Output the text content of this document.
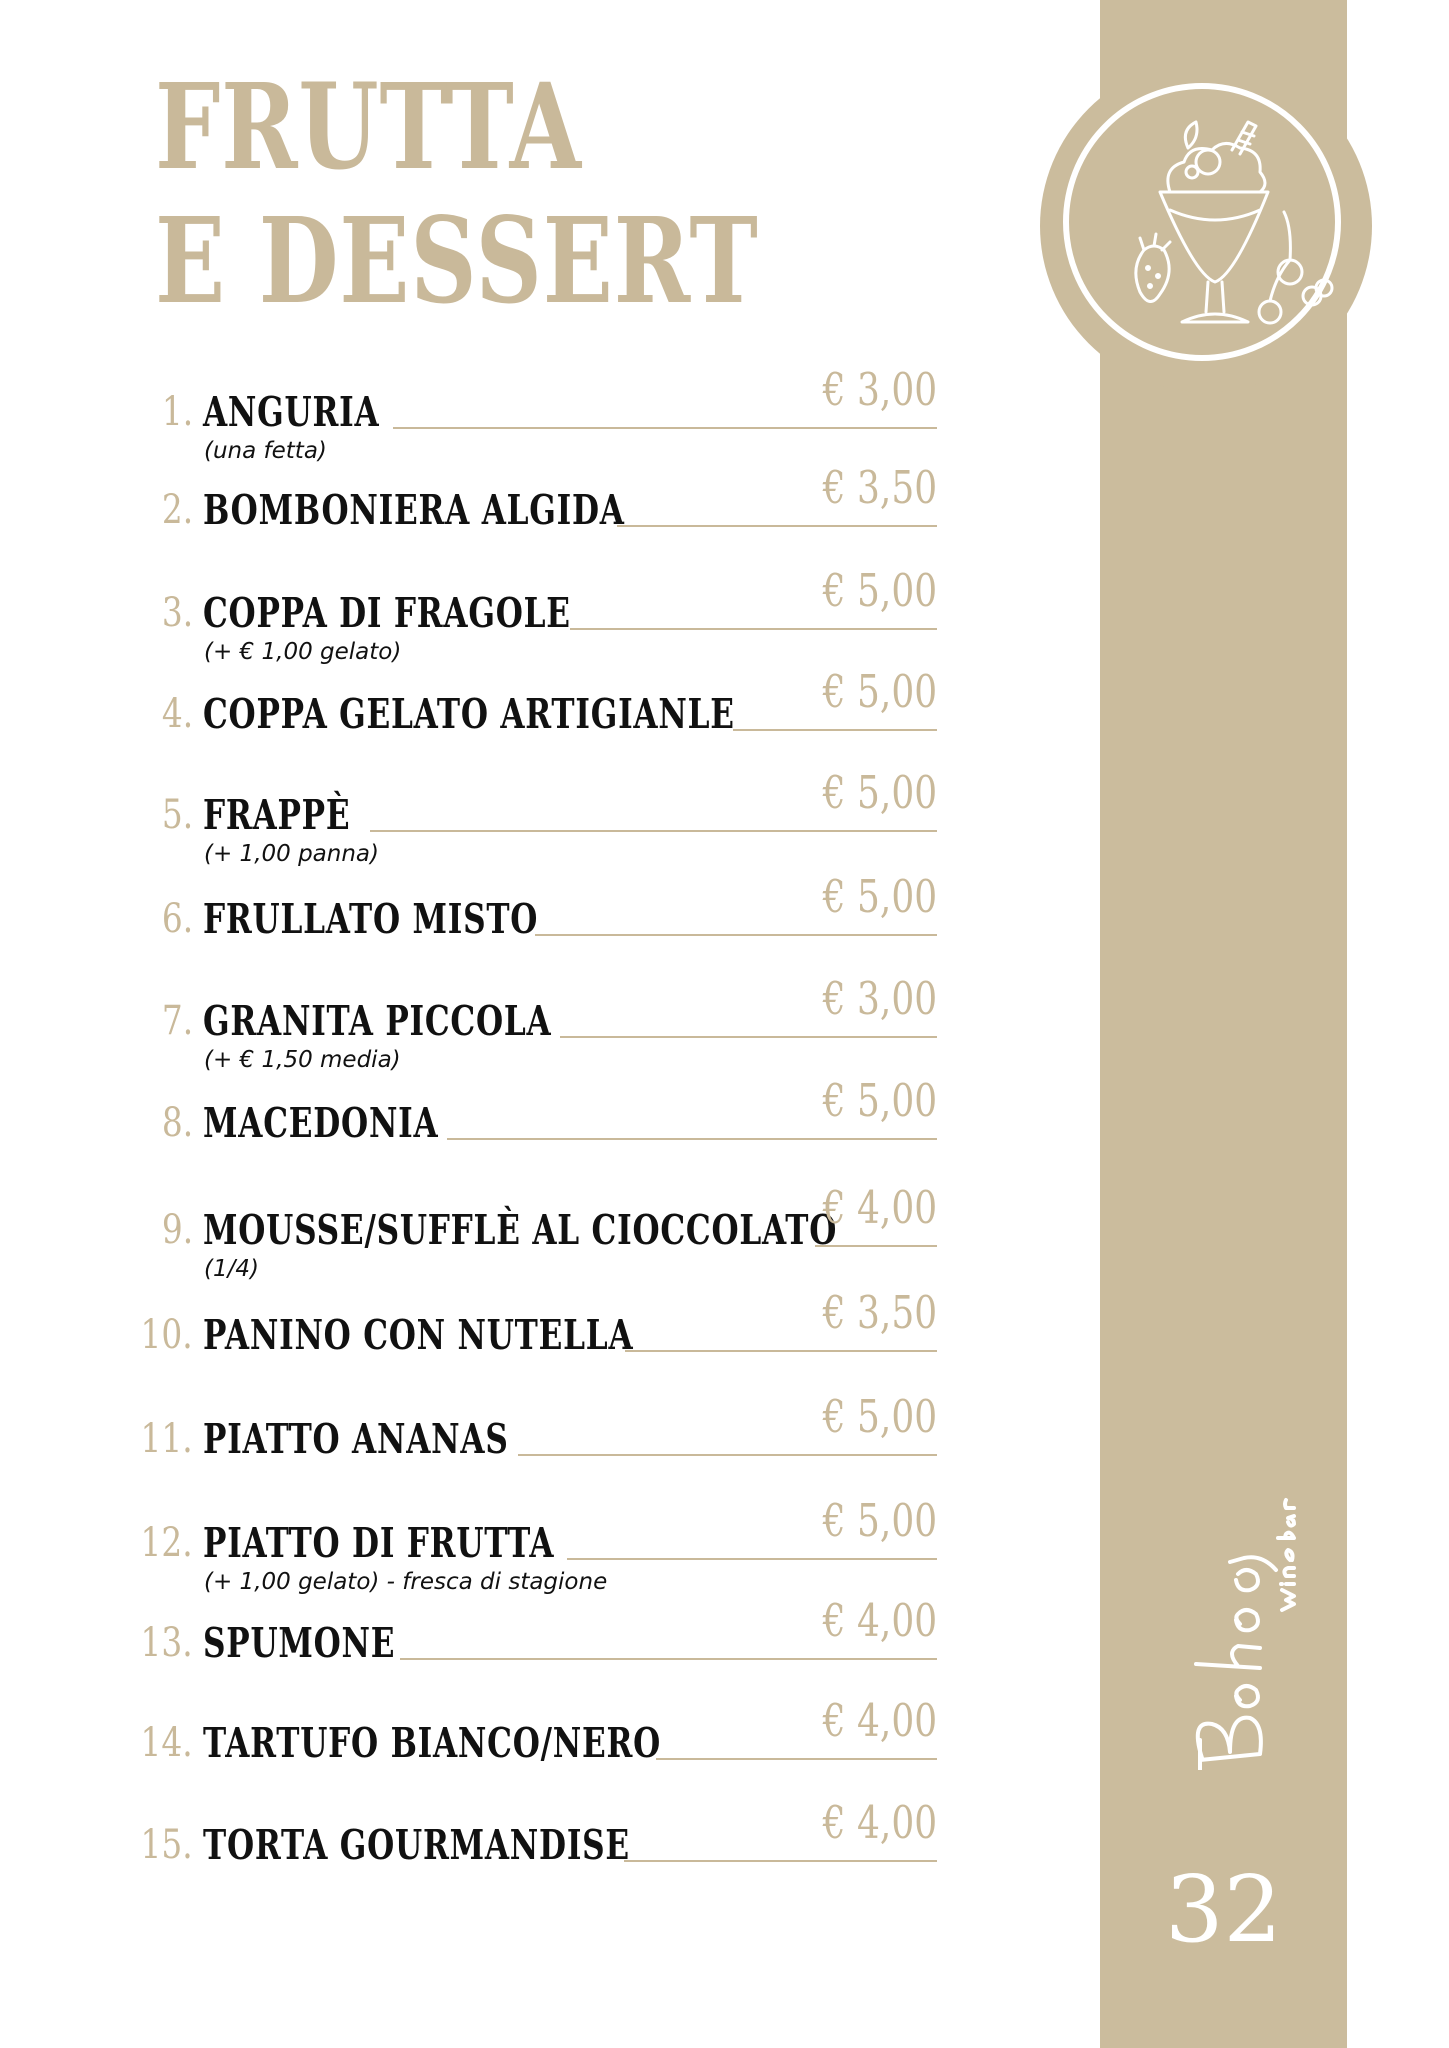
FRUTTA
E DESSERT
1. ANGURIA
(una fetta)
€ 3,00
2. BOMBONIERA ALGIDA	€ 3,50
3. COPPA DI FRAGOLE
(+ € 1,00 gelato)
€ 5,00
4. COPPA GELATO ARTIGIANLE € 5,00
5. FRAPPÈ
(+ 1,00 panna)
€ 5,00
6. FRULLATO MISTO	€ 5,00
7. GRANITA PICCOLA
(+ € 1,50 media)
€ 3,00
8. MACEDONIA	€ 5,00
9. MOUSSE/SUFFLÈ AL CIOCCOLATO
(1/4)
€ 4,00
10. PANINO CON NUTELLA	€ 3,50
11. PIATTO ANANAS	€ 5,00
12. PIATTO DI FRUTTA
(+ 1,00 gelato) - fresca di stagione
€ 5,00
13. SPUMONE	€ 4,00
14. TARTUFO BIANCO/NERO	€ 4,00
15. TORTA GOURMANDISE	€ 4,00
32
